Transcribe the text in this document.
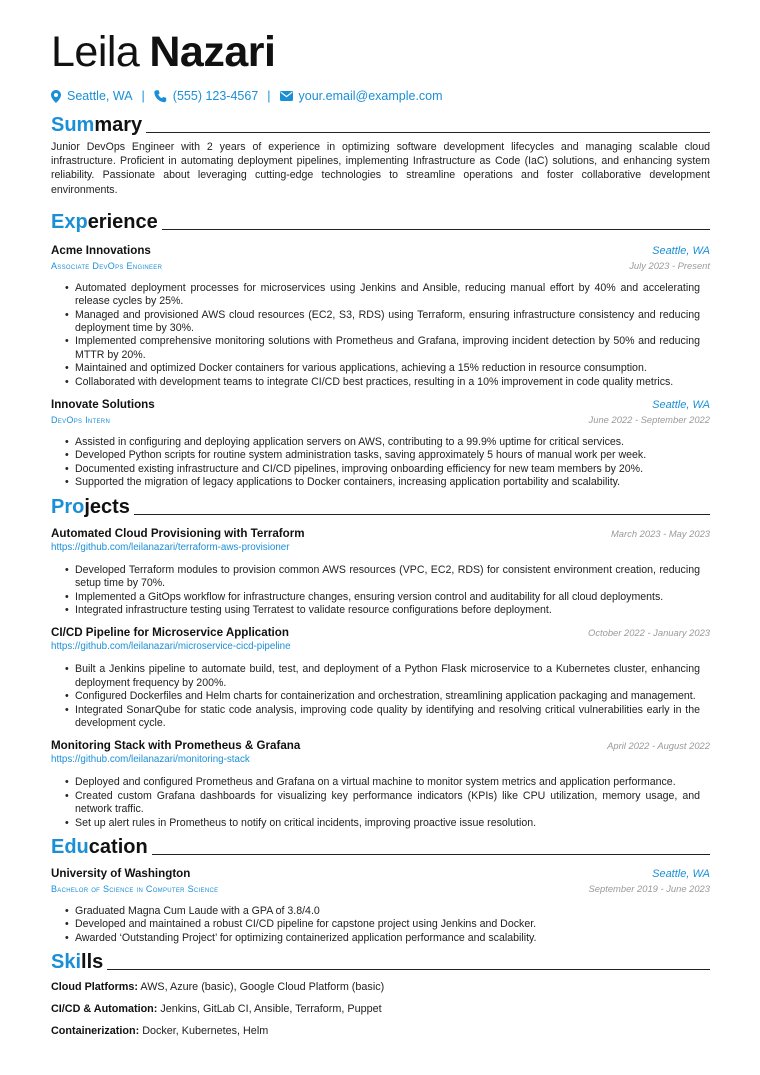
Leila Nazari
Seattle, WA | (555) 123-4567 | your.email@example.com
Summary
Junior DevOps Engineer with 2 years of experience in optimizing software development lifecycles and managing scalable cloud infrastructure. Proficient in automating deployment pipelines, implementing Infrastructure as Code (IaC) solutions, and enhancing system reliability. Passionate about leveraging cutting-edge technologies to streamline operations and foster collaborative development environments.
Experience
Acme Innovations	Seattle, WA
Associate DevOps Engineer	July 2023 - Present
• Automated deployment processes for microservices using Jenkins and Ansible, reducing manual effort by 40% and accelerating release cycles by 25%.
• Managed and provisioned AWS cloud resources (EC2, S3, RDS) using Terraform, ensuring infrastructure consistency and reducing deployment time by 30%.
• Implemented comprehensive monitoring solutions with Prometheus and Grafana, improving incident detection by 50% and reducing MTTR by 20%.
• Maintained and optimized Docker containers for various applications, achieving a 15% reduction in resource consumption.
• Collaborated with development teams to integrate CI/CD best practices, resulting in a 10% improvement in code quality metrics.
Innovate Solutions	Seattle, WA
DevOps Intern	June 2022 - September 2022
• Assisted in configuring and deploying application servers on AWS, contributing to a 99.9% uptime for critical services.
• Developed Python scripts for routine system administration tasks, saving approximately 5 hours of manual work per week.
• Documented existing infrastructure and CI/CD pipelines, improving onboarding efficiency for new team members by 20%.
• Supported the migration of legacy applications to Docker containers, increasing application portability and scalability.
Projects
Automated Cloud Provisioning with Terraform	March 2023 - May 2023
https://github.com/leilanazari/terraform-aws-provisioner
• Developed Terraform modules to provision common AWS resources (VPC, EC2, RDS) for consistent environment creation, reducing setup time by 70%.
• Implemented a GitOps workflow for infrastructure changes, ensuring version control and auditability for all cloud deployments.
• Integrated infrastructure testing using Terratest to validate resource configurations before deployment.
CI/CD Pipeline for Microservice Application	October 2022 - January 2023
https://github.com/leilanazari/microservice-cicd-pipeline
• Built a Jenkins pipeline to automate build, test, and deployment of a Python Flask microservice to a Kubernetes cluster, enhancing deployment frequency by 200%.
• Configured Dockerfiles and Helm charts for containerization and orchestration, streamlining application packaging and management.
• Integrated SonarQube for static code analysis, improving code quality by identifying and resolving critical vulnerabilities early in the development cycle.
Monitoring Stack with Prometheus & Grafana	April 2022 - August 2022
https://github.com/leilanazari/monitoring-stack
• Deployed and configured Prometheus and Grafana on a virtual machine to monitor system metrics and application performance.
• Created custom Grafana dashboards for visualizing key performance indicators (KPIs) like CPU utilization, memory usage, and network traffic.
• Set up alert rules in Prometheus to notify on critical incidents, improving proactive issue resolution.
Education
University of Washington	Seattle, WA
Bachelor of Science in Computer Science	September 2019 - June 2023
• Graduated Magna Cum Laude with a GPA of 3.8/4.0
• Developed and maintained a robust CI/CD pipeline for capstone project using Jenkins and Docker.
• Awarded ‘Outstanding Project’ for optimizing containerized application performance and scalability.
Skills
Cloud Platforms: AWS, Azure (basic), Google Cloud Platform (basic)
CI/CD & Automation: Jenkins, GitLab CI, Ansible, Terraform, Puppet
Containerization: Docker, Kubernetes, Helm
